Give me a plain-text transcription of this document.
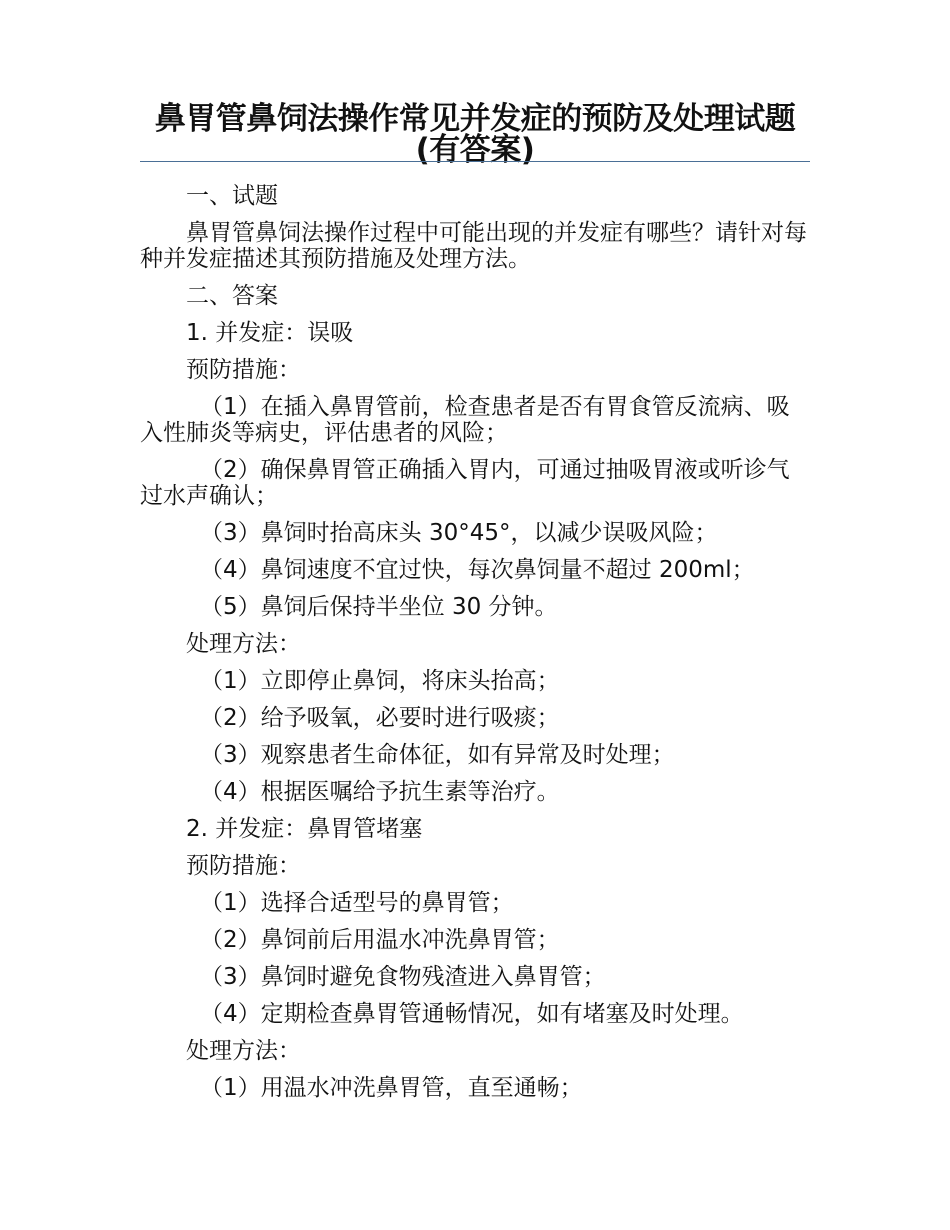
鼻胃管鼻饲法操作常见并发症的预防及处理试题(有答案)

一、试题

鼻胃管鼻饲法操作过程中可能出现的并发症有哪些？请针对每种并发症描述其预防措施及处理方法。

二、答案

1. 并发症：误吸

预防措施：

（1）在插入鼻胃管前，检查患者是否有胃食管反流病、吸入性肺炎等病史，评估患者的风险；

（2）确保鼻胃管正确插入胃内，可通过抽吸胃液或听诊气过水声确认；

（3）鼻饲时抬高床头 30°45°，以减少误吸风险；

（4）鼻饲速度不宜过快，每次鼻饲量不超过 200ml；

（5）鼻饲后保持半坐位 30 分钟。

处理方法：

（1）立即停止鼻饲，将床头抬高；

（2）给予吸氧，必要时进行吸痰；

（3）观察患者生命体征，如有异常及时处理；

（4）根据医嘱给予抗生素等治疗。

2. 并发症：鼻胃管堵塞

预防措施：

（1）选择合适型号的鼻胃管；

（2）鼻饲前后用温水冲洗鼻胃管；

（3）鼻饲时避免食物残渣进入鼻胃管；

（4）定期检查鼻胃管通畅情况，如有堵塞及时处理。

处理方法：

（1）用温水冲洗鼻胃管，直至通畅；
